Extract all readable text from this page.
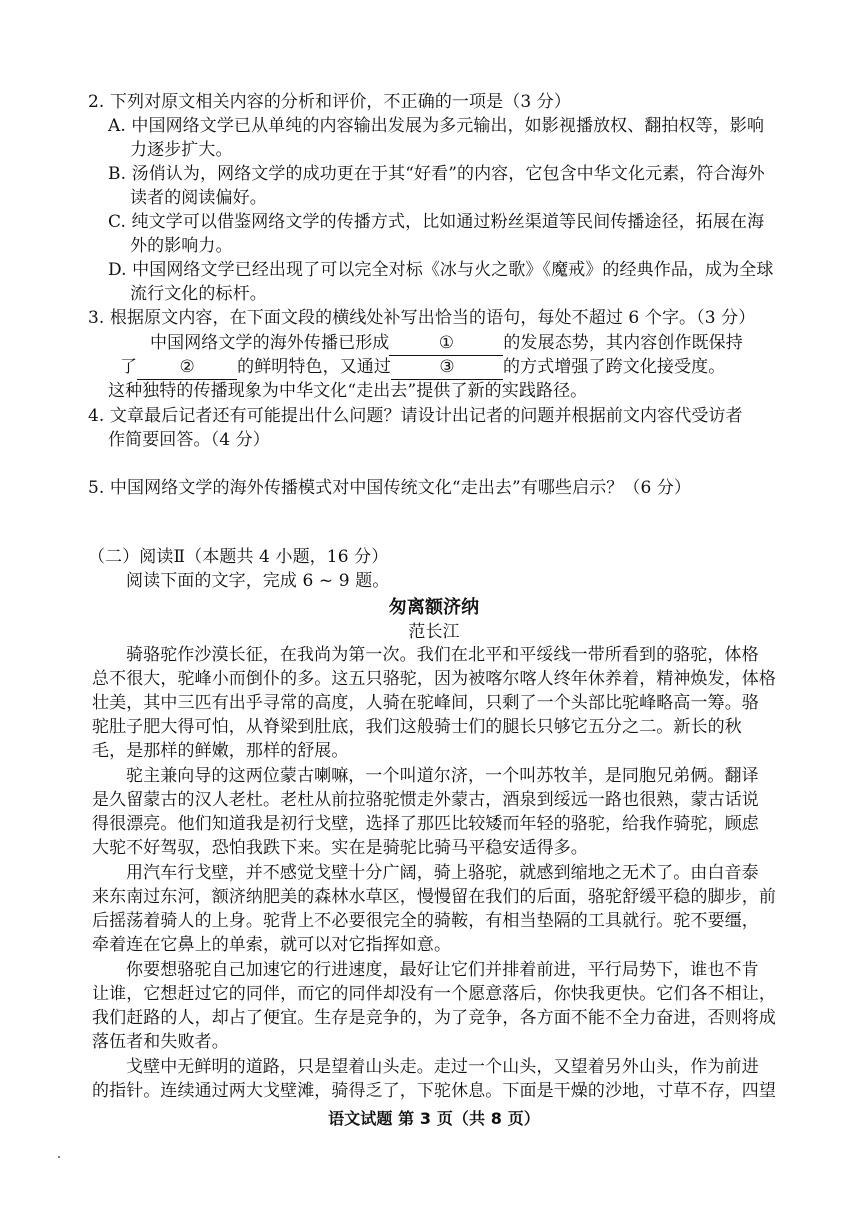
2. 下列对原文相关内容的分析和评价，不正确的一项是（3 分）
A. 中国网络文学已从单纯的内容输出发展为多元输出，如影视播放权、翻拍权等，影响
力逐步扩大。
B. 汤俏认为，网络文学的成功更在于其“好看”的内容，它包含中华文化元素，符合海外
读者的阅读偏好。
C. 纯文学可以借鉴网络文学的传播方式，比如通过粉丝渠道等民间传播途径，拓展在海
外的影响力。
D. 中国网络文学已经出现了可以完全对标《冰与火之歌》《魔戒》的经典作品，成为全球
流行文化的标杆。
3. 根据原文内容，在下面文段的横线处补写出恰当的语句，每处不超过 6 个字。（3 分）
中国网络文学的海外传播已形成	①	的发展态势，其内容创作既保持
了 ② 的鲜明特色，又通过	③	的方式增强了跨文化接受度。
这种独特的传播现象为中华文化“走出去”提供了新的实践路径。
4. 文章最后记者还有可能提出什么问题？请设计出记者的问题并根据前文内容代受访者
作简要回答。（4 分）
5. 中国网络文学的海外传播模式对中国传统文化“走出去”有哪些启示？（6 分）
（二）阅读Ⅱ（本题共 4 小题，16 分）
阅读下面的文字，完成 6 ~ 9 题。
匆离额济纳
范长江
骑骆驼作沙漠长征，在我尚为第一次。我们在北平和平绥线一带所看到的骆驼，体格
总不很大，驼峰小而倒仆的多。这五只骆驼，因为被喀尔喀人终年休养着，精神焕发，体格
壮美，其中三匹有出乎寻常的高度，人骑在驼峰间，只剩了一个头部比驼峰略高一筹。骆
驼肚子肥大得可怕，从脊梁到肚底，我们这般骑士们的腿长只够它五分之二。新长的秋
毛，是那样的鲜嫩，那样的舒展。
驼主兼向导的这两位蒙古喇嘛，一个叫道尔济，一个叫苏牧羊，是同胞兄弟俩。翻译
是久留蒙古的汉人老杜。老杜从前拉骆驼惯走外蒙古，酒泉到绥远一路也很熟，蒙古话说
得很漂亮。他们知道我是初行戈壁，选择了那匹比较矮而年轻的骆驼，给我作骑驼，顾虑
大驼不好驾驭，恐怕我跌下来。实在是骑驼比骑马平稳安适得多。
用汽车行戈壁，并不感觉戈壁十分广阔，骑上骆驼，就感到缩地之无术了。由白音泰
来东南过东河，额济纳肥美的森林水草区，慢慢留在我们的后面，骆驼舒缓平稳的脚步，前
后摇荡着骑人的上身。驼背上不必要很完全的骑鞍，有相当垫隔的工具就行。驼不要缰，
牵着连在它鼻上的单索，就可以对它指挥如意。
你要想骆驼自己加速它的行进速度，最好让它们并排着前进，平行局势下，谁也不肯
让谁，它想赶过它的同伴，而它的同伴却没有一个愿意落后，你快我更快。它们各不相让，
我们赶路的人，却占了便宜。生存是竞争的，为了竞争，各方面不能不全力奋进，否则将成
落伍者和失败者。
戈壁中无鲜明的道路，只是望着山头走。走过一个山头，又望着另外山头，作为前进
的指针。连续通过两大戈壁滩，骑得乏了，下驼休息。下面是干燥的沙地，寸草不存，四望
语文试题 第 3 页（共 8 页）
